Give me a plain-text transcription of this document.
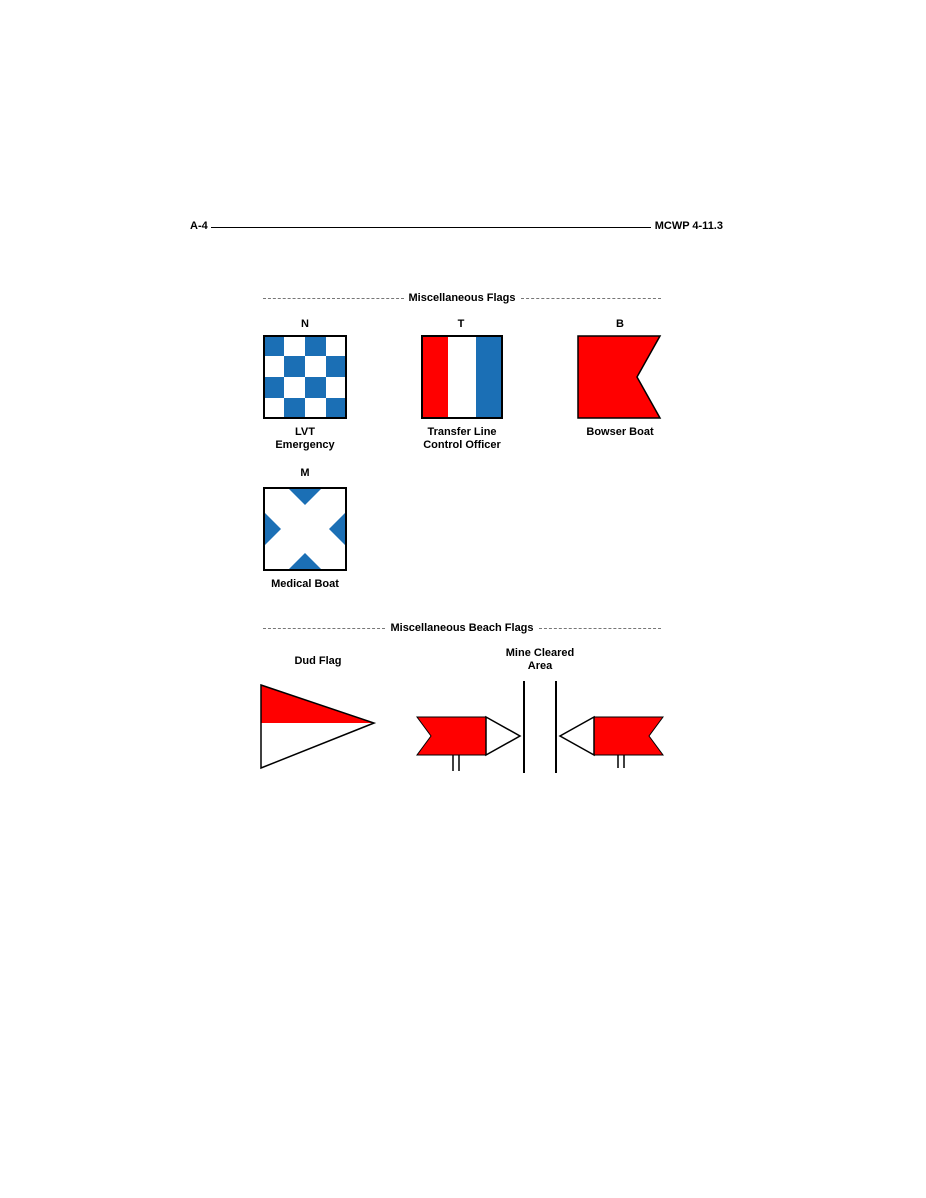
A-4	MCWP 4-11.3
Miscellaneous Flags
N
LVT
Emergency
T
Transfer Line
Control Officer
B
Bowser Boat
M
Medical Boat
Miscellaneous Beach Flags
Dud Flag
Mine Cleared
Area
